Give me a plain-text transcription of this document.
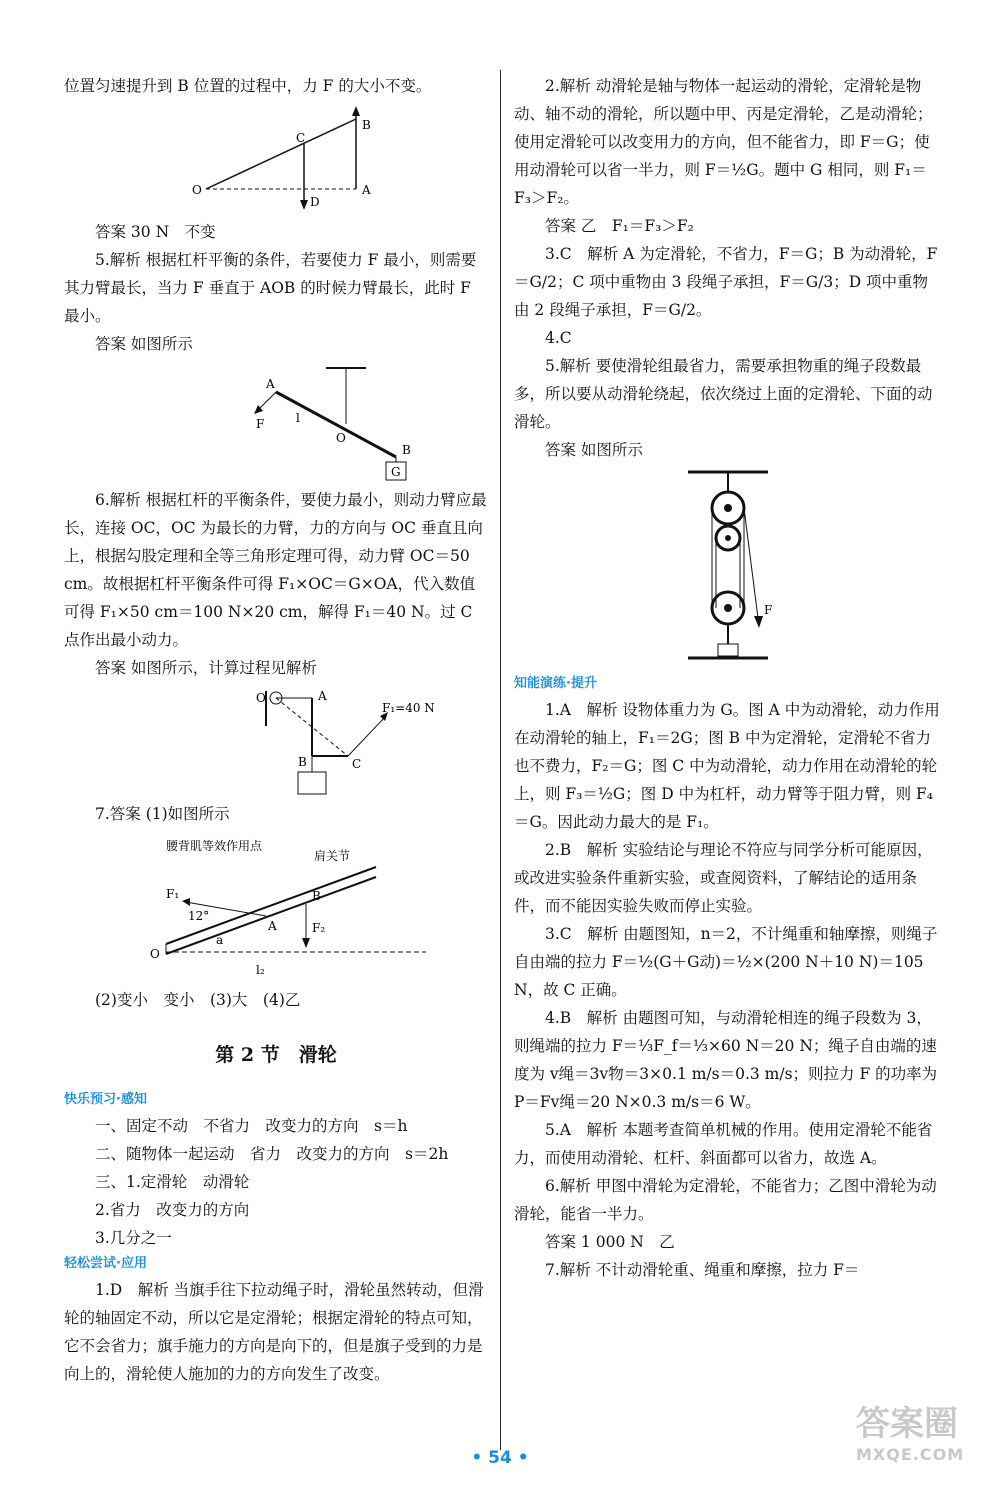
位置匀速提升到 B 位置的过程中，力 F 的大小不变。

B
C
O
D
A

答案 30 N　不变

5.解析 根据杠杆平衡的条件，若要使力 F 最小，则需要其力臂最长，当力 F 垂直于 AOB 的时候力臂最长，此时 F 最小。

答案 如图所示

A
F	l
O
B
G

6.解析 根据杠杆的平衡条件，要使力最小，则动力臂应最长，连接 OC，OC 为最长的力臂，力的方向与 OC 垂直且向上，根据勾股定理和全等三角形定理可得，动力臂 OC＝50 cm。故根据杠杆平衡条件可得 F₁×OC＝G×OA，代入数值可得 F₁×50 cm＝100 N×20 cm，解得 F₁＝40 N。过 C 点作出最小动力。

答案 如图所示，计算过程见解析

O	A
B	C
F₁=40 N

7.答案 (1)如图所示

腰背肌等效作用点
肩关节
F₁
12°
A
B
F₂
a
O
l₂

(2)变小　变小　(3)大　(4)乙

第 2 节　滑轮
快乐预习·感知

一、固定不动　不省力　改变力的方向　s＝h

二、随物体一起运动　省力　改变力的方向　s＝2h

三、1.定滑轮　动滑轮

2.省力　改变力的方向

3.几分之一

轻松尝试·应用

1.D　解析 当旗手往下拉动绳子时，滑轮虽然转动，但滑轮的轴固定不动，所以它是定滑轮；根据定滑轮的特点可知，它不会省力；旗手施力的方向是向下的，但是旗子受到的力是向上的，滑轮使人施加的力的方向发生了改变。

2.解析 动滑轮是轴与物体一起运动的滑轮，定滑轮是物动、轴不动的滑轮，所以题中甲、丙是定滑轮，乙是动滑轮；使用定滑轮可以改变用力的方向，但不能省力，即 F＝G；使用动滑轮可以省一半力，则 F＝½G。题中 G 相同，则 F₁＝F₃＞F₂。

答案 乙　F₁＝F₃＞F₂

3.C　解析 A 为定滑轮，不省力，F＝G；B 为动滑轮，F＝G/2；C 项中重物由 3 段绳子承担，F＝G/3；D 项中重物由 2 段绳子承担，F＝G/2。

4.C

5.解析 要使滑轮组最省力，需要承担物重的绳子段数最多，所以要从动滑轮绕起，依次绕过上面的定滑轮、下面的动滑轮。

答案 如图所示

F
知能演练·提升

1.A　解析 设物体重力为 G。图 A 中为动滑轮，动力作用在动滑轮的轴上，F₁＝2G；图 B 中为定滑轮，定滑轮不省力也不费力，F₂＝G；图 C 中为动滑轮，动力作用在动滑轮的轮上，则 F₃＝½G；图 D 中为杠杆，动力臂等于阻力臂，则 F₄＝G。因此动力最大的是 F₁。

2.B　解析 实验结论与理论不符应与同学分析可能原因，或改进实验条件重新实验，或查阅资料，了解结论的适用条件，而不能因实验失败而停止实验。

3.C　解析 由题图知，n＝2，不计绳重和轴摩擦，则绳子自由端的拉力 F＝½(G＋G动)＝½×(200 N＋10 N)＝105 N，故 C 正确。

4.B　解析 由题图可知，与动滑轮相连的绳子段数为 3，则绳端的拉力 F＝⅓F_f＝⅓×60 N＝20 N；绳子自由端的速度为 v绳＝3v物＝3×0.1 m/s＝0.3 m/s；则拉力 F 的功率为 P＝Fv绳＝20 N×0.3 m/s＝6 W。

5.A　解析 本题考查简单机械的作用。使用定滑轮不能省力，而使用动滑轮、杠杆、斜面都可以省力，故选 A。

6.解析 甲图中滑轮为定滑轮，不能省力；乙图中滑轮为动滑轮，能省一半力。

答案 1 000 N　乙

7.解析 不计动滑轮重、绳重和摩擦，拉力 F＝

• 54 •
答案圈
MXQE.COM
